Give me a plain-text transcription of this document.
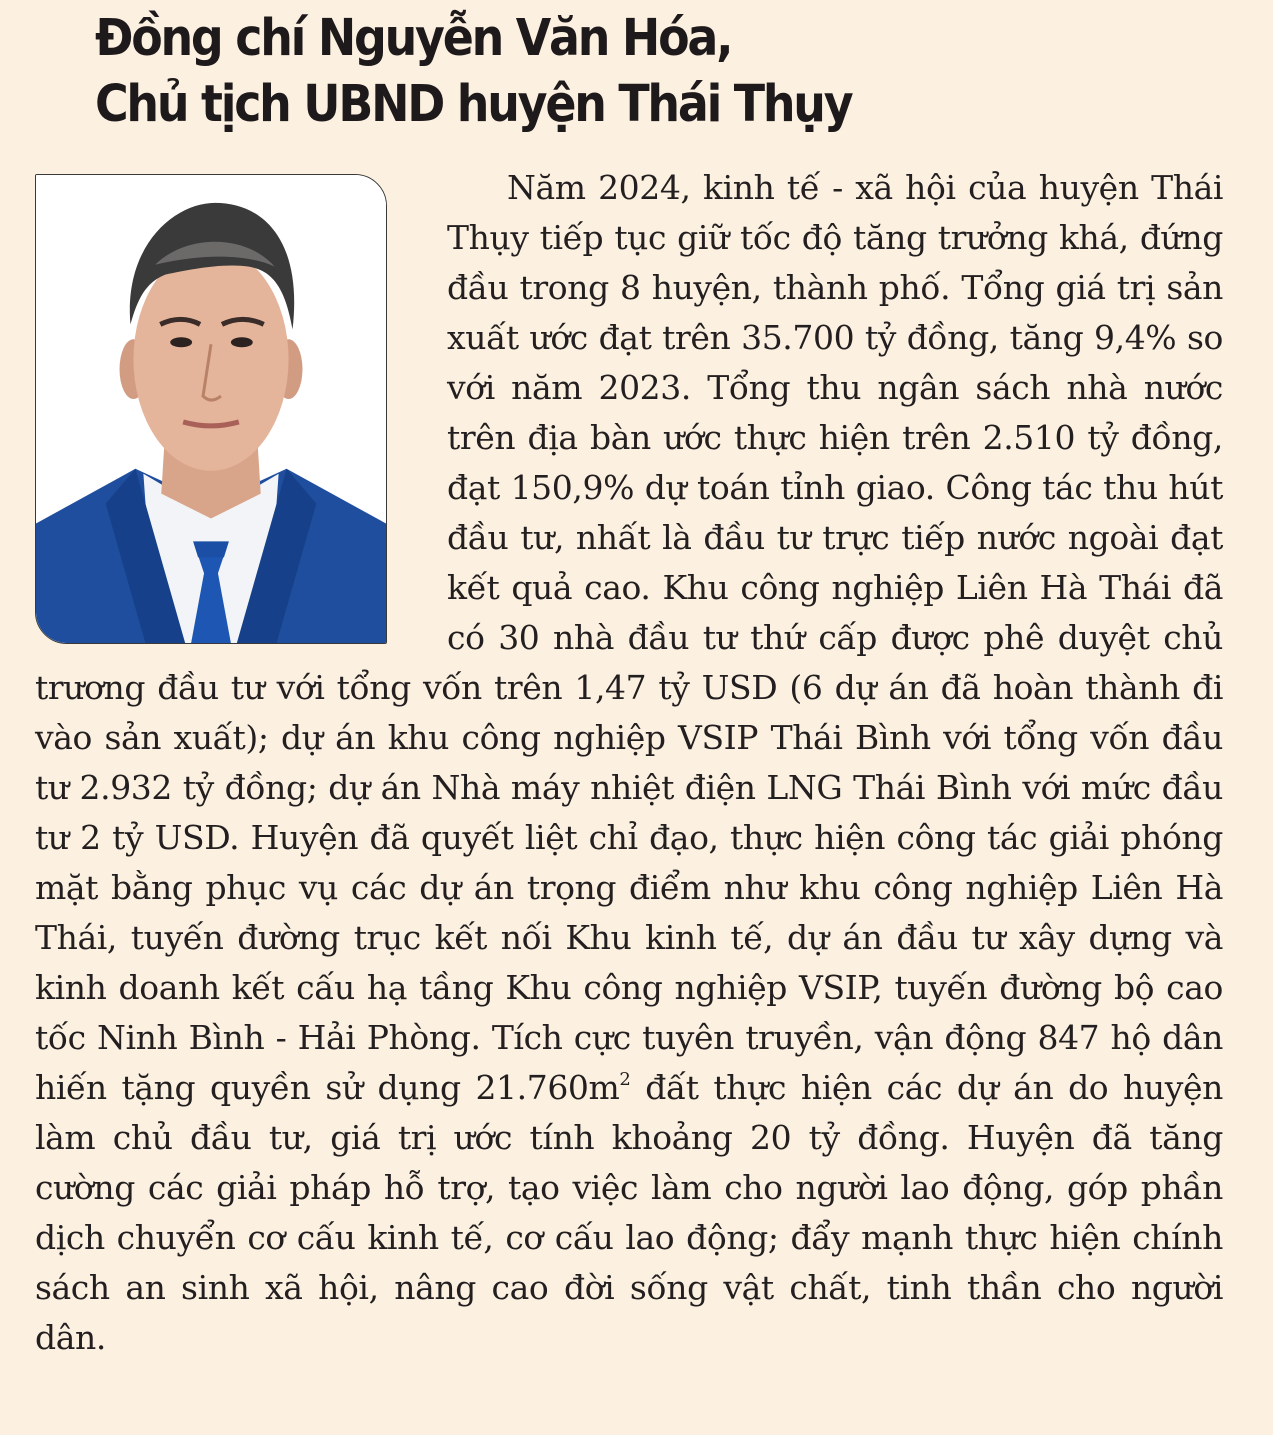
Đồng chí Nguyễn Văn Hóa,
Chủ tịch UBND huyện Thái Thụy
Năm 2024, kinh tế - xã hội của huyện Thái Thụy tiếp tục giữ tốc độ tăng trưởng khá, đứng đầu trong 8 huyện, thành phố. Tổng giá trị sản xuất ước đạt trên 35.700 tỷ đồng, tăng 9,4% so với năm 2023. Tổng thu ngân sách nhà nước trên địa bàn ước thực hiện trên 2.510 tỷ đồng, đạt 150,9% dự toán tỉnh giao. Công tác thu hút đầu tư, nhất là đầu tư trực tiếp nước ngoài đạt kết quả cao. Khu công nghiệp Liên Hà Thái đã có 30 nhà đầu tư thứ cấp được phê duyệt chủ trương đầu tư với tổng vốn trên 1,47 tỷ USD (6 dự án đã hoàn thành đi vào sản xuất); dự án khu công nghiệp VSIP Thái Bình với tổng vốn đầu tư 2.932 tỷ đồng; dự án Nhà máy nhiệt điện LNG Thái Bình với mức đầu tư 2 tỷ USD. Huyện đã quyết liệt chỉ đạo, thực hiện công tác giải phóng mặt bằng phục vụ các dự án trọng điểm như khu công nghiệp Liên Hà Thái, tuyến đường trục kết nối Khu kinh tế, dự án đầu tư xây dựng và kinh doanh kết cấu hạ tầng Khu công nghiệp VSIP, tuyến đường bộ cao tốc Ninh Bình - Hải Phòng. Tích cực tuyên truyền, vận động 847 hộ dân hiến tặng quyền sử dụng $21.760m^2$ đất thực hiện các dự án do huyện làm chủ đầu tư, giá trị ước tính khoảng 20 tỷ đồng. Huyện đã tăng cường các giải pháp hỗ trợ, tạo việc làm cho người lao động, góp phần dịch chuyển cơ cấu kinh tế, cơ cấu lao động; đẩy mạnh thực hiện chính sách an sinh xã hội, nâng cao đời sống vật chất, tinh thần cho người dân.
